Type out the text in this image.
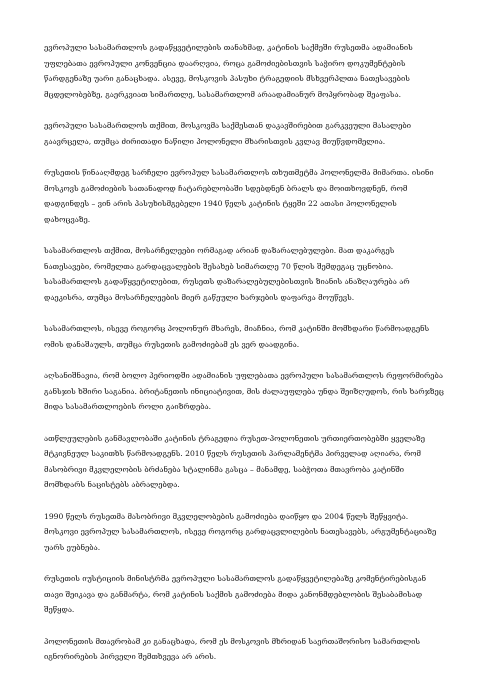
ევროპული სასამართლოს გადაწყვეტილების თანახმად, კატინის საქმეში რუსეთმა ადამიანის უფლებათა ევროპული კონვენცია დაარღვია, როცა გამოძიებისთვის საჭირო დოკუმენტების წარდგენაზე უარი განაცხადა. ასევე, მოსკოვის პასუხი ტრაგედიის მსხვერპლთა ნათესავების მცდელობებზე, გაერკვიათ სიმართლე, სასამართლომ არაადამიანურ მოპყრობად შეაფასა.

ევროპული სასამართლოს თქმით, მოსკოვმა საქმესთან დაკავშირებით გარკვეული მასალები გაავრცელა, თუმცა ძირითადი ნაწილი პოლონელი მხარისთვის კვლავ მიუწვდომელია.

რუსეთის წინააღმდეგ სარჩელი ევროპულ სასამართლოს თხუთმეტმა პოლონელმა მიმართა. ისინი მოსკოვს გამოძიების სათანადოდ ჩატარებლობაში სდებდნენ ბრალს და მოითხოვდნენ, რომ დადგინდეს – ვინ არის პასუხისმგებელი 1940 წელს კატინის ტყეში 22 ათასი პოლონელის დახოცვაზე.

სასამართლოს თქმით, მოსარჩელეები ორმაგად არიან დაზარალებულები. მათ დაკარგეს ნათესავები, რომელთა გარდაცვალების შესახებ სიმართლე 70 წლის შემდეგაც უცნობია. სასამართლოს გადაწყვეტილებით, რუსეთს დაზარალებულებისთვის ზიანის ანაზღაურება არ დაეკისრა, თუმცა მოსარჩელეების მიერ გაწეული ხარჯების დაფარვა მოუწევს.

სასამართლოს, ისევე როგორც პოლონურ მხარეს, მიაჩნია, რომ კატინში მომხდარი წარმოადგენს ომის დანაშაულს, თუმცა რუსეთის გამოძიებამ ეს ვერ დაადგინა.

აღსანიშნავია, რომ ბოლო პერიოდში ადამიანის უფლებათა ევროპული სასამართლოს რეფორმირება განსჯის ხშირი საგანია. ბრიტანეთის ინიციატივით, მის ძალაუფლება უნდა შეიზღუდოს, რის ხარჯზეც მიდა სასამართლოების როლი გაიზრდება.

ათწლეულების განმავლობაში კატინის ტრაგედია რუსეთ-პოლონეთის ურთიერთობებში ყველაზე მტკივნეულ საკითხს წარმოადგენს. 2010 წელს რუსეთის პარლამენტმა პირველად აღიარა, რომ მასობრივი მკვლელობის ბრძანება სტალინმა გასცა – მანამდე, საბჭოთა მთავრობა კატინში მომხდარს ნაცისტებს აბრალებდა.

1990 წელს რუსეთმა მასობრივი მკვლელობების გამოძიება დაიწყო და 2004 წელს შეწყვიტა. მოსკოვი ევროპულ სასამართლოს, ისევე როგორც გარდაცვლილების ნათესავებს, არგუმენტაციაზე უარს ეუბნება.

რუსეთის იუსტიციის მინისტრმა ევროპული სასამართლოს გადაწყვეტილებაზე კომენტირებისგან თავი შეიკავა და განმარტა, რომ კატინის საქმის გამოძიება მიდა კანონმდებლობის შესაბამისად შეწყდა.

პოლონეთის მთავრობამ კი განაცხადა, რომ ეს მოსკოვის მხრიდან საერთაშორისო სამართლის იგნორირების პირველი შემთხვევა არ არის.
